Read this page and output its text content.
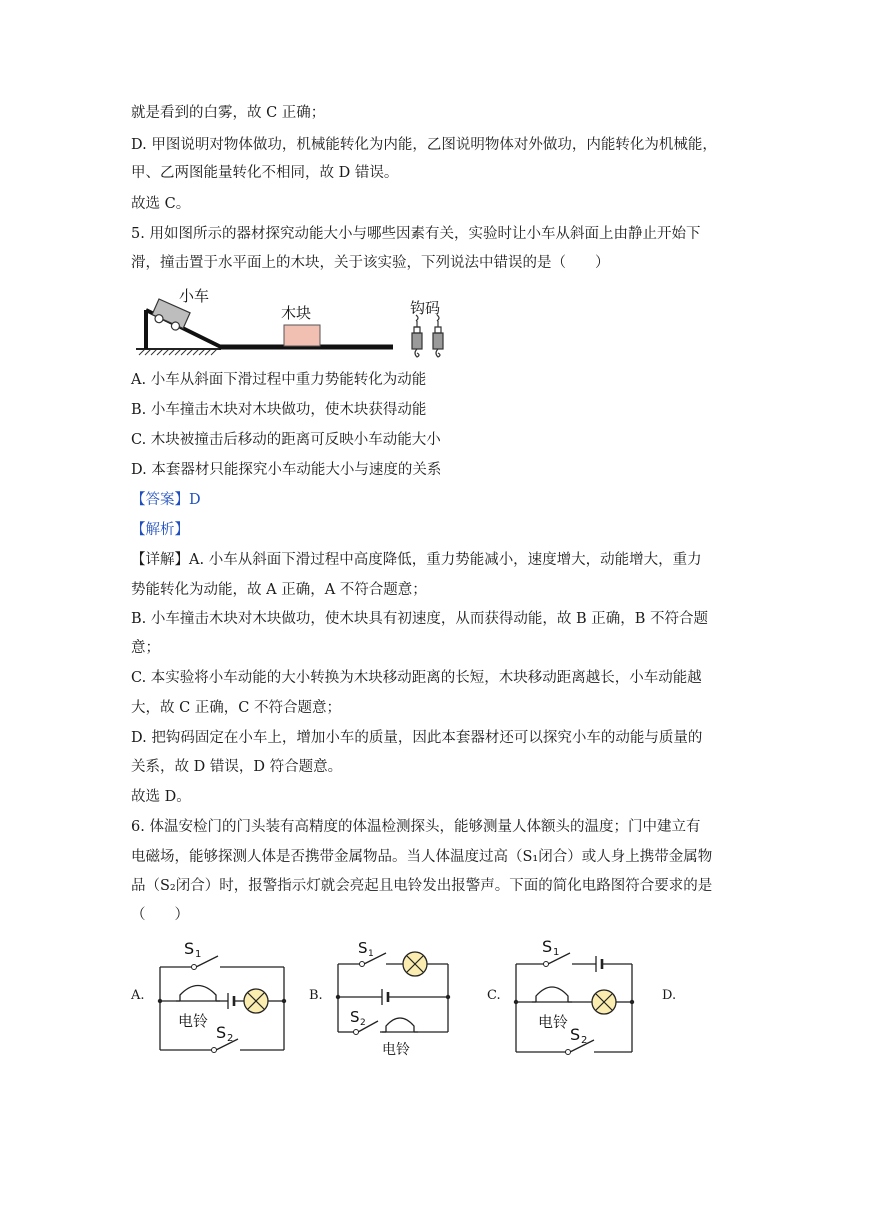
就是看到的白雾，故 C 正确；
D. 甲图说明对物体做功，机械能转化为内能，乙图说明物体对外做功，内能转化为机械能，
甲、乙两图能量转化不相同，故 D 错误。
故选 C。
5. 用如图所示的器材探究动能大小与哪些因素有关，实验时让小车从斜面上由静止开始下
滑，撞击置于水平面上的木块，关于该实验，下列说法中错误的是（　　）
小车
木块	钩码
A. 小车从斜面下滑过程中重力势能转化为动能
B. 小车撞击木块对木块做功，使木块获得动能
C. 木块被撞击后移动的距离可反映小车动能大小
D. 本套器材只能探究小车动能大小与速度的关系
【答案】D
【解析】
【详解】A. 小车从斜面下滑过程中高度降低，重力势能减小，速度增大，动能增大，重力
势能转化为动能，故 A 正确，A 不符合题意；
B. 小车撞击木块对木块做功，使木块具有初速度，从而获得动能，故 B 正确，B 不符合题
意；
C. 本实验将小车动能的大小转换为木块移动距离的长短，木块移动距离越长，小车动能越
大，故 C 正确，C 不符合题意；
D. 把钩码固定在小车上，增加小车的质量，因此本套器材还可以探究小车的动能与质量的
关系，故 D 错误，D 符合题意。
故选 D。
6. 体温安检门的门头装有高精度的体温检测探头，能够测量人体额头的温度；门中建立有
电磁场，能够探测人体是否携带金属物品。当人体温度过高（S₁闭合）或人身上携带金属物
品（S₂闭合）时，报警指示灯就会亮起且电铃发出报警声。下面的简化电路图符合要求的是
（　　）
A.	B.	C.	D.
S 1
电铃
S 2
S 1
S 2
电铃
S 1
电铃
S 2
